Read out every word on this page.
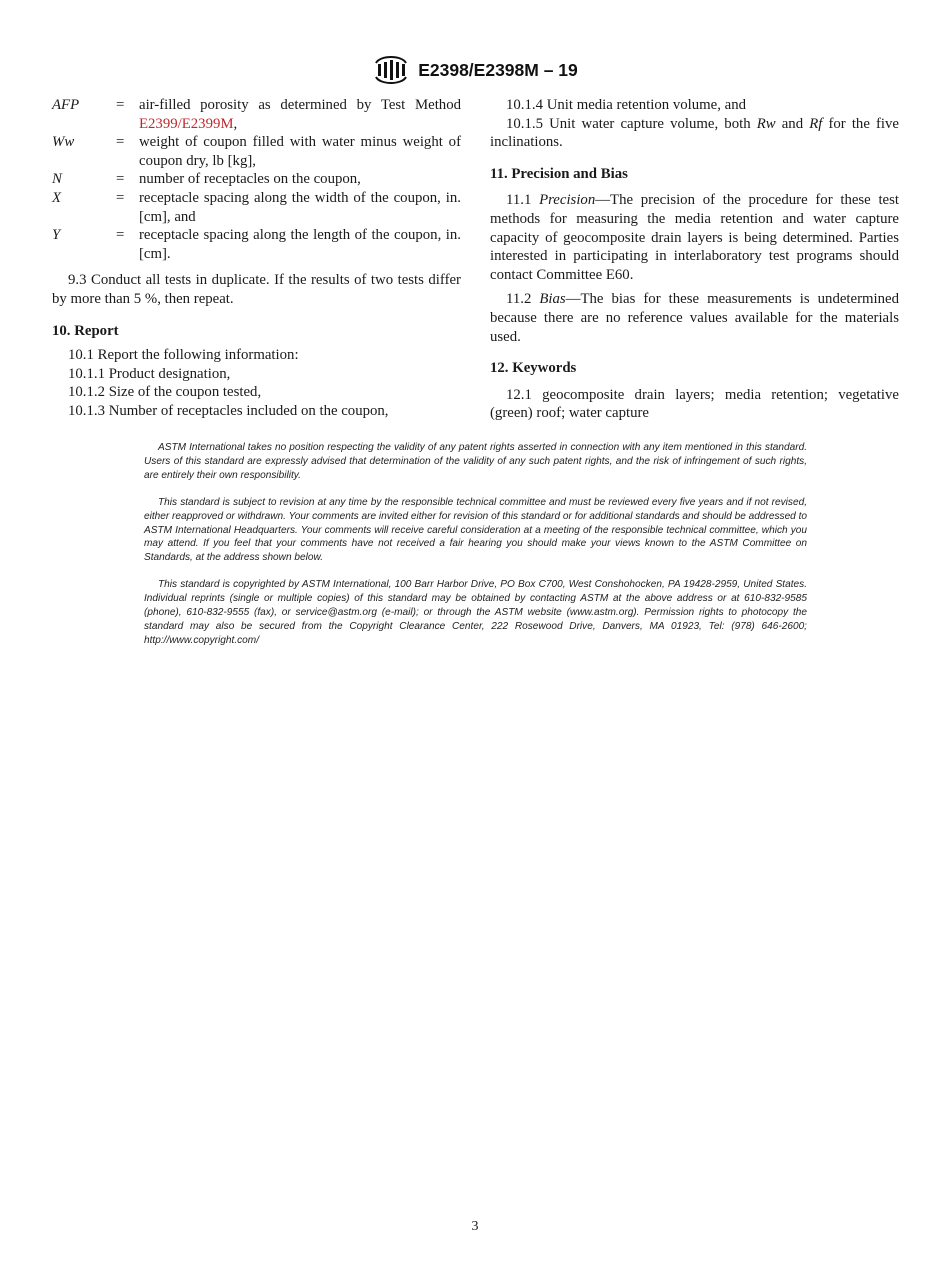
E2398/E2398M – 19
AFP	= air-filled porosity as determined by Test Method E2399/E2399M,
Ww	= weight of coupon filled with water minus weight of coupon dry, lb [kg],
N	= number of receptacles on the coupon,
X	= receptacle spacing along the width of the coupon, in. [cm], and
Y	= receptacle spacing along the length of the coupon, in. [cm].

9.3 Conduct all tests in duplicate. If the results of two tests differ by more than 5 %, then repeat.

10. Report

10.1 Report the following information:

10.1.1 Product designation,

10.1.2 Size of the coupon tested,

10.1.3 Number of receptacles included on the coupon,

10.1.4 Unit media retention volume, and

10.1.5 Unit water capture volume, both Rw and Rf for the five inclinations.

11. Precision and Bias

11.1 Precision—The precision of the procedure for these test methods for measuring the media retention and water capture capacity of geocomposite drain layers is being determined. Parties interested in participating in interlaboratory test programs should contact Committee E60.

11.2 Bias—The bias for these measurements is undetermined because there are no reference values available for the materials used.

12. Keywords

12.1 geocomposite drain layers; media retention; vegetative (green) roof; water capture

ASTM International takes no position respecting the validity of any patent rights asserted in connection with any item mentioned in this standard. Users of this standard are expressly advised that determination of the validity of any such patent rights, and the risk of infringement of such rights, are entirely their own responsibility.

This standard is subject to revision at any time by the responsible technical committee and must be reviewed every five years and if not revised, either reapproved or withdrawn. Your comments are invited either for revision of this standard or for additional standards and should be addressed to ASTM International Headquarters. Your comments will receive careful consideration at a meeting of the responsible technical committee, which you may attend. If you feel that your comments have not received a fair hearing you should make your views known to the ASTM Committee on Standards, at the address shown below.

This standard is copyrighted by ASTM International, 100 Barr Harbor Drive, PO Box C700, West Conshohocken, PA 19428-2959, United States. Individual reprints (single or multiple copies) of this standard may be obtained by contacting ASTM at the above address or at 610-832-9585 (phone), 610-832-9555 (fax), or service@astm.org (e-mail); or through the ASTM website (www.astm.org). Permission rights to photocopy the standard may also be secured from the Copyright Clearance Center, 222 Rosewood Drive, Danvers, MA 01923, Tel: (978) 646-2600; http://www.copyright.com/

3
